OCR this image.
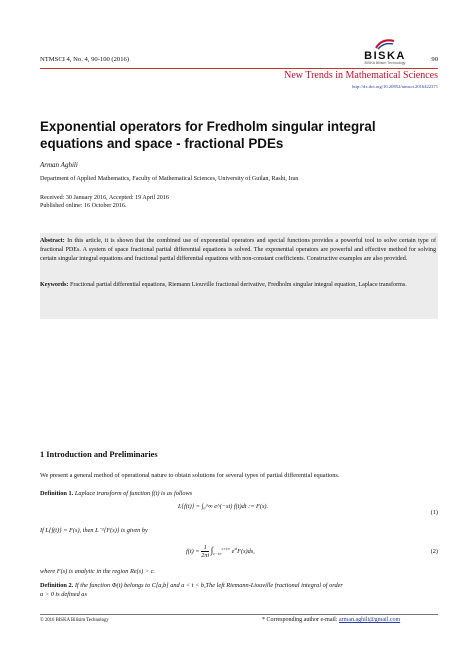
NTMSCI 4, No. 4, 90-100 (2016)	BISKA
BISKA Bilisim Technology	90
New Trends in Mathematical Sciences
http://dx.doi.org/10.20852/ntmsci.2016422371
Exponential operators for Fredholm singular integral
equations and space - fractional PDEs
Arman Aghili
Department of Applied Mathematics, Faculty of Mathematical Sciences, University of Guilan, Rasht, Iran
Received: 30 January 2016, Accepted: 19 April 2016
Published online: 16 October 2016.
Abstract: In this article, it is shown that the combined use of exponential operators and special functions provides a powerful tool to solve certain type of fractional PDEs. A system of space fractional partial differential equations is solved. The exponential operators are powerful and effective method for solving certain singular integral equations and fractional partial differential equations with non-constant coefficients. Constructive examples are also provided.
Keywords: Fractional partial differential equations, Riemann Liouville fractional derivative, Fredholm singular integral equation, Laplace transforms.
1 Introduction and Preliminaries
We present a general method of operational nature to obtain solutions for several types of partial differential equations.
Definition 1. Laplace transform of function f(t) is as follows
L{f(t)} = ∫₀^∞ e^(−st) f(t)dt := F(s).
(1)
If L{f(t)} = F(s), then L⁻¹{F(s)} is given by
$f(t) = \frac{1}{2\pi i} \int_{c-i\infty}^{c+i\infty}$ $e^{st}F(s)ds$,	(2)
where F(s) is analytic in the region Re(s) > c.
Definition 2. If the function Φ(t) belongs to C[a,b] and a < t < b,The left Riemann-Liouville fractional integral of order
α > 0 is defined as
© 2016 BISKA Bilisim Technology	* Corresponding author e-mail: arman.aghili@gmail.com
